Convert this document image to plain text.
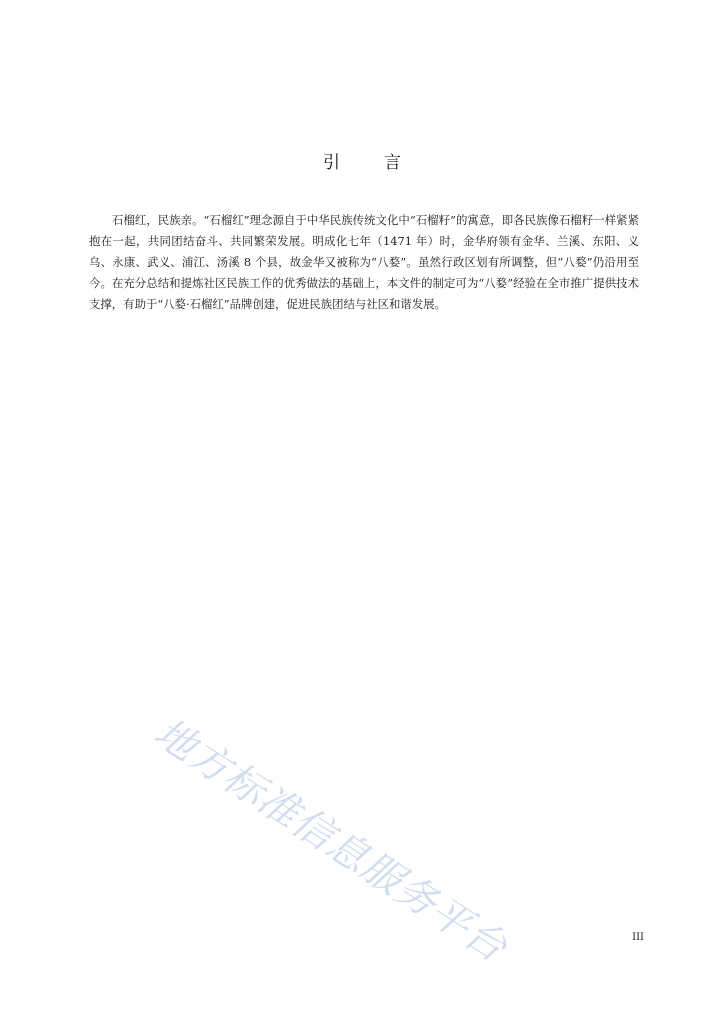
引	言

石榴红，民族亲。“石榴红”理念源自于中华民族传统文化中“石榴籽”的寓意，即各民族像石榴籽一样紧紧抱在一起，共同团结奋斗、共同繁荣发展。明成化七年（1471 年）时，金华府领有金华、兰溪、东阳、义乌、永康、武义、浦江、汤溪 8 个县，故金华又被称为“八婺”。虽然行政区划有所调整，但“八婺”仍沿用至今。在充分总结和提炼社区民族工作的优秀做法的基础上，本文件的制定可为“八婺”经验在全市推广提供技术支撑，有助于“八婺·石榴红”品牌创建，促进民族团结与社区和谐发展。

地方标准信息服务平台	III
